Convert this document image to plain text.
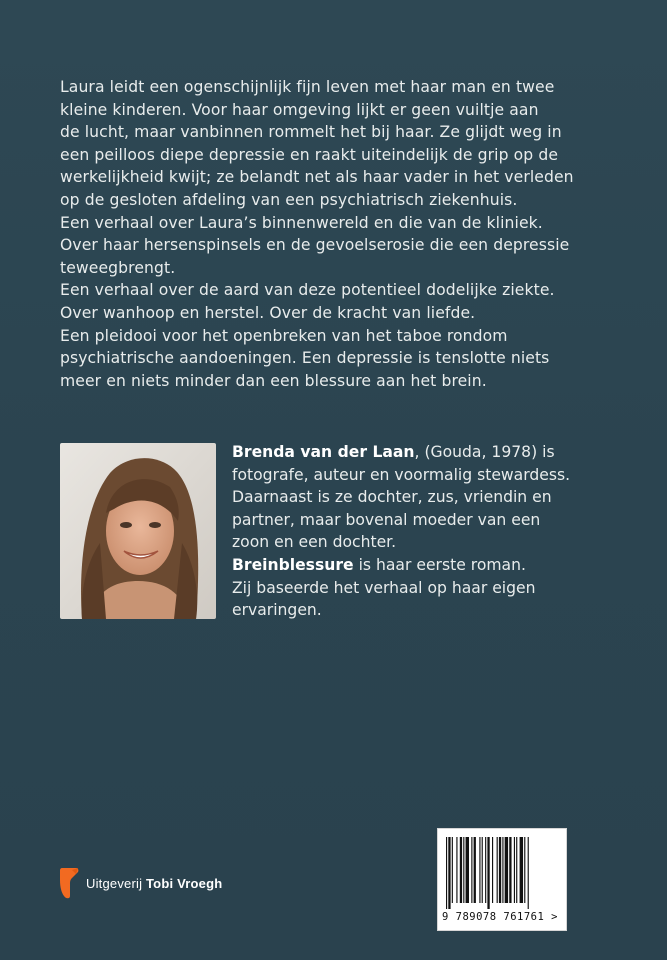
Laura leidt een ogenschijnlijk fijn leven met haar man en twee

kleine kinderen. Voor haar omgeving lijkt er geen vuiltje aan

de lucht, maar vanbinnen rommelt het bij haar. Ze glijdt weg in

een peilloos diepe depressie en raakt uiteindelijk de grip op de

werkelijkheid kwijt; ze belandt net als haar vader in het verleden

op de gesloten afdeling van een psychiatrisch ziekenhuis.

Een verhaal over Laura’s binnenwereld en die van de kliniek.

Over haar hersenspinsels en de gevoelserosie die een depressie

teweegbrengt.

Een verhaal over de aard van deze potentieel dodelijke ziekte.

Over wanhoop en herstel. Over de kracht van liefde.

Een pleidooi voor het openbreken van het taboe rondom

psychiatrische aandoeningen. Een depressie is tenslotte niets

meer en niets minder dan een blessure aan het brein.

Brenda van der Laan, (Gouda, 1978) is

fotografe, auteur en voormalig stewardess.

Daarnaast is ze dochter, zus, vriendin en

partner, maar bovenal moeder van een

zoon en een dochter.

Breinblessure is haar eerste roman.

Zij baseerde het verhaal op haar eigen

ervaringen.

Uitgeverij Tobi Vroegh
9 789078 761761 >
